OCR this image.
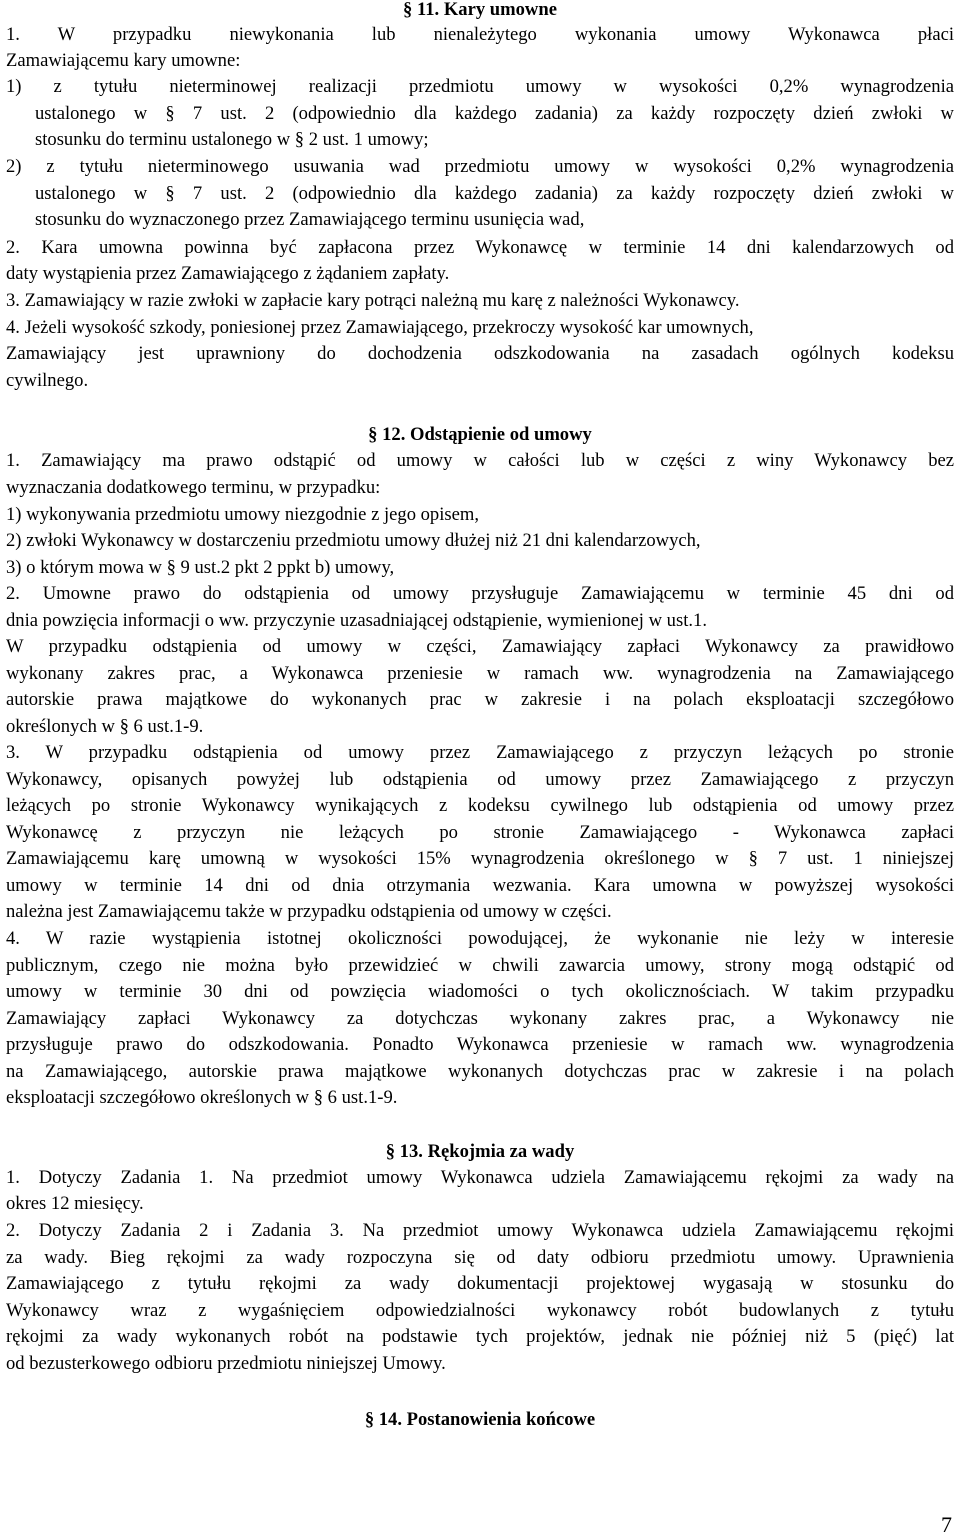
§ 11. Kary umowne
1. W przypadku niewykonania lub nienależytego wykonania umowy Wykonawca płaci
Zamawiającemu kary umowne:
1) z tytułu nieterminowej realizacji przedmiotu umowy w wysokości 0,2% wynagrodzenia
ustalonego w § 7 ust. 2 (odpowiednio dla każdego zadania) za każdy rozpoczęty dzień zwłoki w
stosunku do terminu ustalonego w § 2 ust. 1 umowy;
2) z tytułu nieterminowego usuwania wad przedmiotu umowy w wysokości 0,2% wynagrodzenia
ustalonego w § 7 ust. 2 (odpowiednio dla każdego zadania) za każdy rozpoczęty dzień zwłoki w
stosunku do wyznaczonego przez Zamawiającego terminu usunięcia wad,
2. Kara umowna powinna być zapłacona przez Wykonawcę w terminie 14 dni kalendarzowych od
daty wystąpienia przez Zamawiającego z żądaniem zapłaty.
3. Zamawiający w razie zwłoki w zapłacie kary potrąci należną mu karę z należności Wykonawcy.
4. Jeżeli wysokość szkody, poniesionej przez Zamawiającego, przekroczy wysokość kar umownych,
Zamawiający jest uprawniony do dochodzenia odszkodowania na zasadach ogólnych kodeksu
cywilnego.
§ 12. Odstąpienie od umowy
1. Zamawiający ma prawo odstąpić od umowy w całości lub w części z winy Wykonawcy bez
wyznaczania dodatkowego terminu, w przypadku:
1) wykonywania przedmiotu umowy niezgodnie z jego opisem,
2) zwłoki Wykonawcy w dostarczeniu przedmiotu umowy dłużej niż 21 dni kalendarzowych,
3) o którym mowa w § 9 ust.2 pkt 2 ppkt b) umowy,
2. Umowne prawo do odstąpienia od umowy przysługuje Zamawiającemu w terminie 45 dni od
dnia powzięcia informacji o ww. przyczynie uzasadniającej odstąpienie, wymienionej w ust.1.
W przypadku odstąpienia od umowy w części, Zamawiający zapłaci Wykonawcy za prawidłowo
wykonany zakres prac, a Wykonawca przeniesie w ramach ww. wynagrodzenia na Zamawiającego
autorskie prawa majątkowe do wykonanych prac w zakresie i na polach eksploatacji szczegółowo
określonych w § 6 ust.1-9.
3. W przypadku odstąpienia od umowy przez Zamawiającego z przyczyn leżących po stronie
Wykonawcy, opisanych powyżej lub odstąpienia od umowy przez Zamawiającego z przyczyn
leżących po stronie Wykonawcy wynikających z kodeksu cywilnego lub odstąpienia od umowy przez
Wykonawcę z przyczyn nie leżących po stronie Zamawiającego - Wykonawca zapłaci
Zamawiającemu karę umowną w wysokości 15% wynagrodzenia określonego w § 7 ust. 1 niniejszej
umowy w terminie 14 dni od dnia otrzymania wezwania. Kara umowna w powyższej wysokości
należna jest Zamawiającemu także w przypadku odstąpienia od umowy w części.
4. W razie wystąpienia istotnej okoliczności powodującej, że wykonanie nie leży w interesie
publicznym, czego nie można było przewidzieć w chwili zawarcia umowy, strony mogą odstąpić od
umowy w terminie 30 dni od powzięcia wiadomości o tych okolicznościach. W takim przypadku
Zamawiający zapłaci Wykonawcy za dotychczas wykonany zakres prac, a Wykonawcy nie
przysługuje prawo do odszkodowania. Ponadto Wykonawca przeniesie w ramach ww. wynagrodzenia
na Zamawiającego, autorskie prawa majątkowe wykonanych dotychczas prac w zakresie i na polach
eksploatacji szczegółowo określonych w § 6 ust.1-9.
§ 13. Rękojmia za wady
1. Dotyczy Zadania 1. Na przedmiot umowy Wykonawca udziela Zamawiającemu rękojmi za wady na
okres 12 miesięcy.
2. Dotyczy Zadania 2 i Zadania 3. Na przedmiot umowy Wykonawca udziela Zamawiającemu rękojmi
za wady. Bieg rękojmi za wady rozpoczyna się od daty odbioru przedmiotu umowy. Uprawnienia
Zamawiającego z tytułu rękojmi za wady dokumentacji projektowej wygasają w stosunku do
Wykonawcy wraz z wygaśnięciem odpowiedzialności wykonawcy robót budowlanych z tytułu
rękojmi za wady wykonanych robót na podstawie tych projektów, jednak nie później niż 5 (pięć) lat
od bezusterkowego odbioru przedmiotu niniejszej Umowy.
§ 14. Postanowienia końcowe
7
